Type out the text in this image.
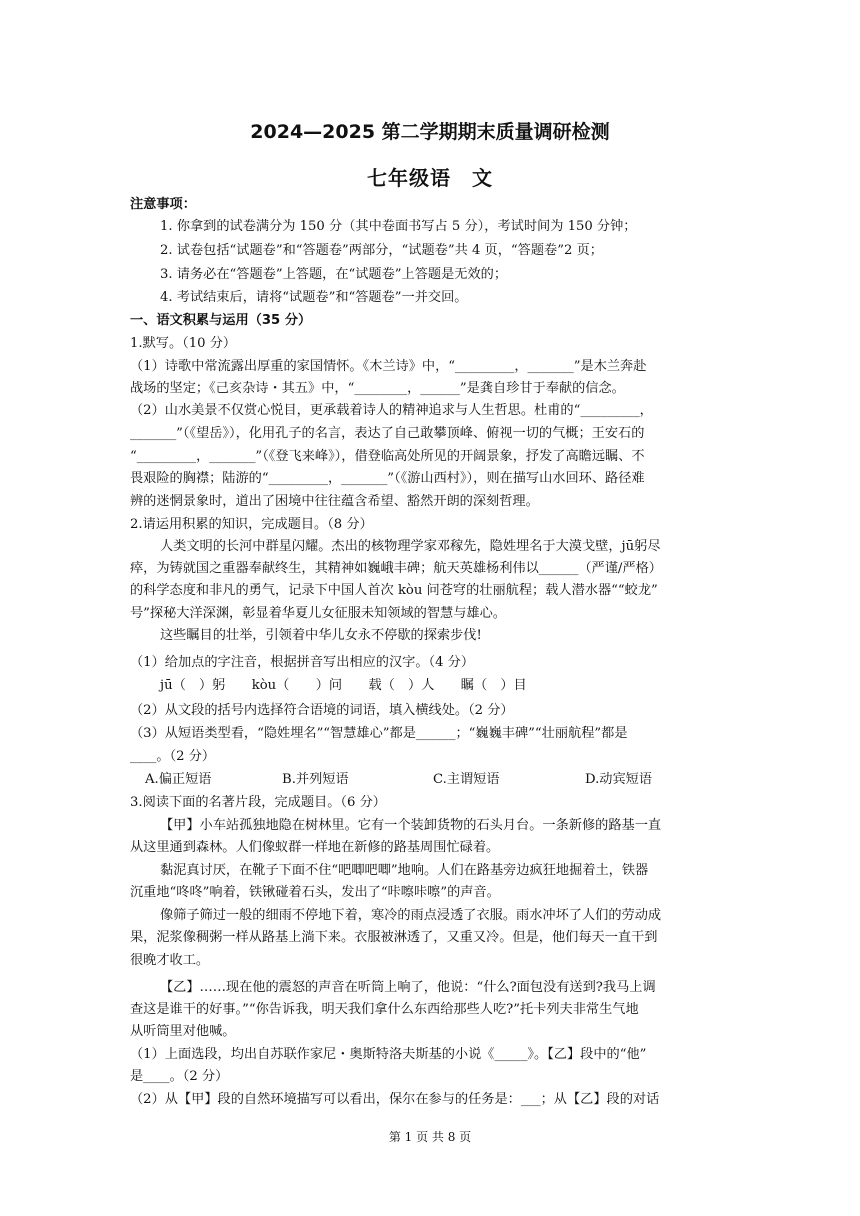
2024—2025 第二学期期末质量调研检测
七年级语　文
注意事项：
1. 你拿到的试卷满分为 150 分（其中卷面书写占 5 分），考试时间为 150 分钟；
2. 试卷包括“试题卷”和“答题卷”两部分，“试题卷”共 4 页，“答题卷”2 页；
3. 请务必在“答题卷”上答题，在“试题卷”上答题是无效的；
4. 考试结束后，请将“试题卷”和“答题卷”一并交回。
一、语文积累与运用（35 分）
1.默写。（10 分）
（1）诗歌中常流露出厚重的家国情怀。《木兰诗》中，“_________，_______”是木兰奔赴
战场的坚定；《己亥杂诗・其五》中，“________，______”是龚自珍甘于奉献的信念。
（2）山水美景不仅赏心悦目，更承载着诗人的精神追求与人生哲思。杜甫的“_________，
_______”（《望岳》），化用孔子的名言，表达了自己敢攀顶峰、俯视一切的气概；王安石的
“_________，_______”（《登飞来峰》），借登临高处所见的开阔景象，抒发了高瞻远瞩、不
畏艰险的胸襟；陆游的“_________，_______”（《游山西村》），则在描写山水回环、路径难
辨的迷惘景象时，道出了困境中往往蕴含希望、豁然开朗的深刻哲理。
2.请运用积累的知识，完成题目。（8 分）
人类文明的长河中群星闪耀。杰出的核物理学家邓稼先，隐姓埋名于大漠戈壁，jū躬尽
瘁，为铸就国之重器奉献终生，其精神如巍峨丰碑；航天英雄杨利伟以______（严谨/严格）
的科学态度和非凡的勇气，记录下中国人首次 kòu 问苍穹的壮丽航程；载人潜水器““蛟龙”
号”探秘大洋深渊，彰显着华夏儿女征服未知领域的智慧与雄心。
这些瞩目的壮举，引领着中华儿女永不停歇的探索步伐!
（1）给加点的字注音，根据拼音写出相应的汉字。（4 分）
jū（　）躬　　kòu（　　）问　　载（　）人　　瞩（　）目
（2）从文段的括号内选择符合语境的词语，填入横线处。（2 分）
（3）从短语类型看，“隐姓埋名”“智慧雄心”都是______；“巍巍丰碑”“壮丽航程”都是
____。（2 分）
A.偏正短语	B.并列短语	C.主谓短语	D.动宾短语
3.阅读下面的名著片段，完成题目。（6 分）
【甲】小车站孤独地隐在树林里。它有一个装卸货物的石头月台。一条新修的路基一直
从这里通到森林。人们像蚁群一样地在新修的路基周围忙碌着。
黏泥真讨厌，在靴子下面不住“吧唧吧唧”地响。人们在路基旁边疯狂地掘着土，铁器
沉重地“咚咚”响着，铁锹碰着石头，发出了“咔嚓咔嚓”的声音。
像筛子筛过一般的细雨不停地下着，寒冷的雨点浸透了衣服。雨水冲坏了人们的劳动成
果，泥浆像稠粥一样从路基上淌下来。衣服被淋透了，又重又冷。但是，他们每天一直干到
很晚才收工。
【乙】……现在他的震怒的声音在听筒上响了，他说：“什么?面包没有送到?我马上调
查这是谁干的好事。”“你告诉我，明天我们拿什么东西给那些人吃?”托卡列夫非常生气地
从听筒里对他喊。
（1）上面选段，均出自苏联作家尼・奥斯特洛夫斯基的小说《_____》。【乙】段中的“他”
是____。（2 分）
（2）从【甲】段的自然环境描写可以看出，保尔在参与的任务是：___；从【乙】段的对话
第 1 页 共 8 页
